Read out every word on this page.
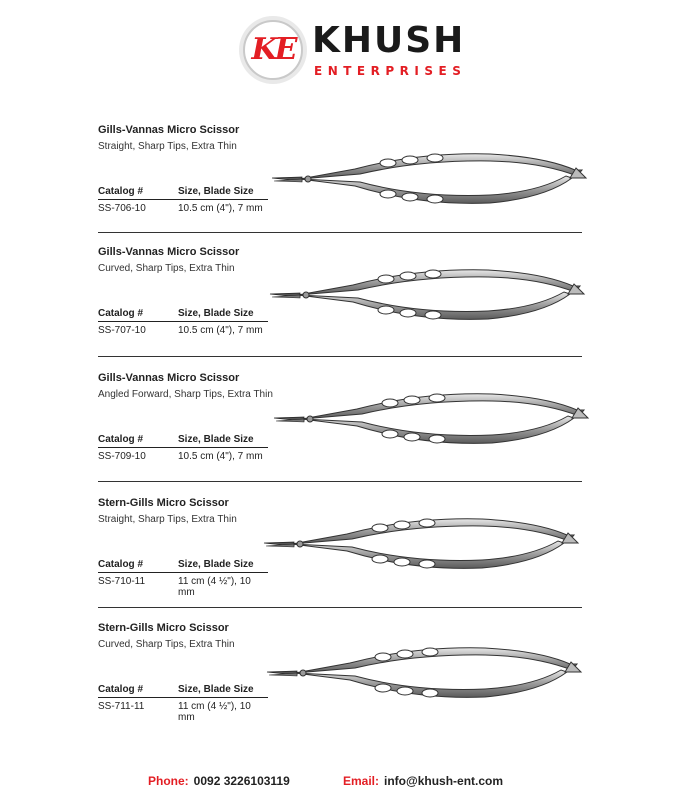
KE KHUSH
ENTERPRISES
Gills-Vannas Micro Scissor
Straight, Sharp Tips, Extra Thin
Catalog #	Size, Blade Size
SS-706-10	10.5 cm (4"), 7 mm
Gills-Vannas Micro Scissor
Curved, Sharp Tips, Extra Thin
Catalog #	Size, Blade Size
SS-707-10	10.5 cm (4"), 7 mm
Gills-Vannas Micro Scissor
Angled Forward, Sharp Tips, Extra Thin
Catalog #	Size, Blade Size
SS-709-10	10.5 cm (4"), 7 mm
Stern-Gills Micro Scissor
Straight, Sharp Tips, Extra Thin
Catalog #	Size, Blade Size
SS-710-11	11 cm (4 ½"), 10 mm
Stern-Gills Micro Scissor
Curved, Sharp Tips, Extra Thin
Catalog #	Size, Blade Size
SS-711-11	11 cm (4 ½"), 10 mm
Phone: 0092 3226103119	Email: info@khush-ent.com
